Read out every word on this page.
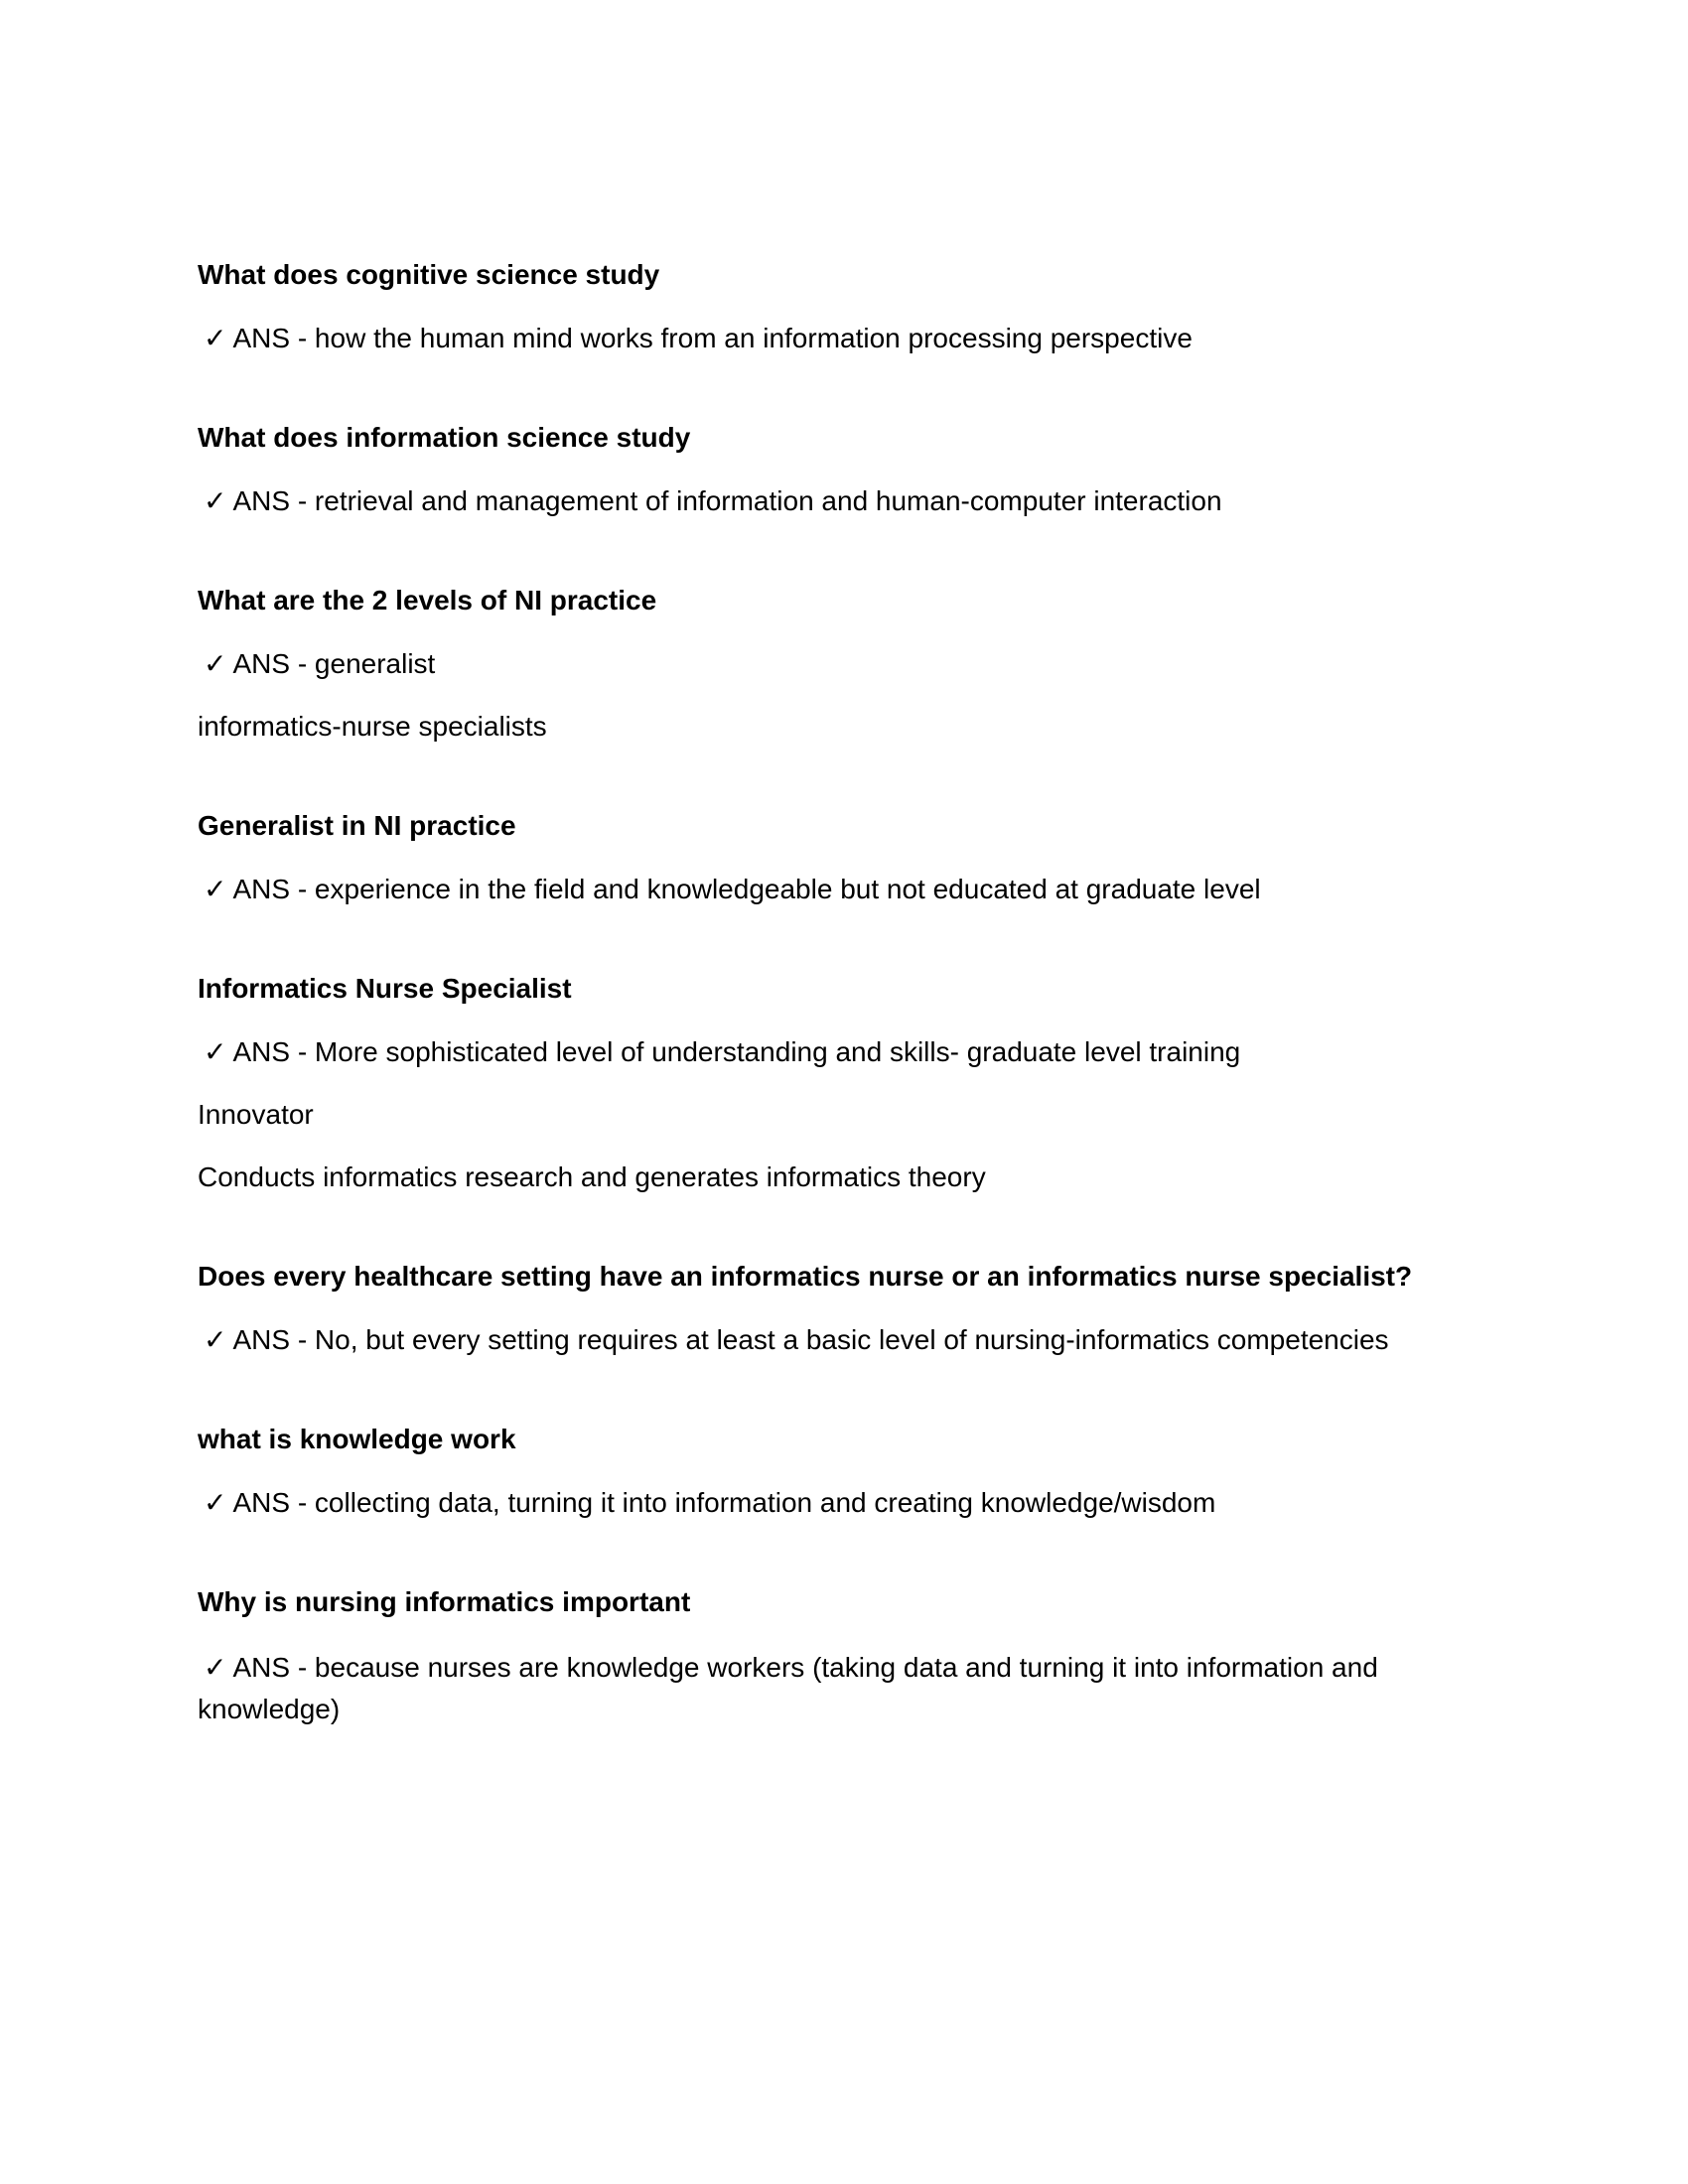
What does cognitive science study

✓ ANS - how the human mind works from an information processing perspective

What does information science study

✓ ANS - retrieval and management of information and human-computer interaction

What are the 2 levels of NI practice

✓ ANS - generalist

informatics-nurse specialists

Generalist in NI practice

✓ ANS - experience in the field and knowledgeable but not educated at graduate level

Informatics Nurse Specialist

✓ ANS - More sophisticated level of understanding and skills- graduate level training

Innovator

Conducts informatics research and generates informatics theory

Does every healthcare setting have an informatics nurse or an informatics nurse specialist?

✓ ANS - No, but every setting requires at least a basic level of nursing-informatics competencies

what is knowledge work

✓ ANS - collecting data, turning it into information and creating knowledge/wisdom

Why is nursing informatics important

✓ ANS - because nurses are knowledge workers (taking data and turning it into information and knowledge)
